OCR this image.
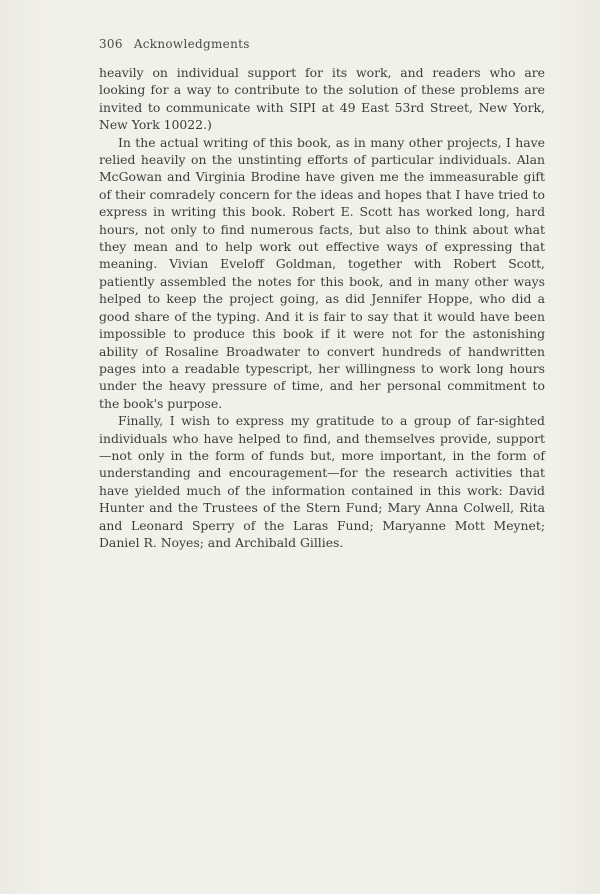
306 Acknowledgments

heavily on individual support for its work, and readers who are looking for a way to contribute to the solution of these problems are invited to communicate with SIPI at 49 East 53rd Street, New York, New York 10022.)

In the actual writing of this book, as in many other projects, I have relied heavily on the unstinting efforts of particular individuals. Alan McGowan and Virginia Brodine have given me the immeasurable gift of their comradely concern for the ideas and hopes that I have tried to express in writing this book. Robert E. Scott has worked long, hard hours, not only to find numerous facts, but also to think about what they mean and to help work out effective ways of expressing that meaning. Vivian Eveloff Goldman, together with Robert Scott, patiently assembled the notes for this book, and in many other ways helped to keep the project going, as did Jennifer Hoppe, who did a good share of the typing. And it is fair to say that it would have been impossible to produce this book if it were not for the astonishing ability of Rosaline Broadwater to convert hundreds of handwritten pages into a readable typescript, her willingness to work long hours under the heavy pressure of time, and her personal commitment to the book's purpose.

Finally, I wish to express my gratitude to a group of far-sighted individuals who have helped to find, and themselves provide, support—not only in the form of funds but, more important, in the form of understanding and encouragement—for the research activities that have yielded much of the information contained in this work: David Hunter and the Trustees of the Stern Fund; Mary Anna Colwell, Rita and Leonard Sperry of the Laras Fund; Maryanne Mott Meynet; Daniel R. Noyes; and Archibald Gillies.
